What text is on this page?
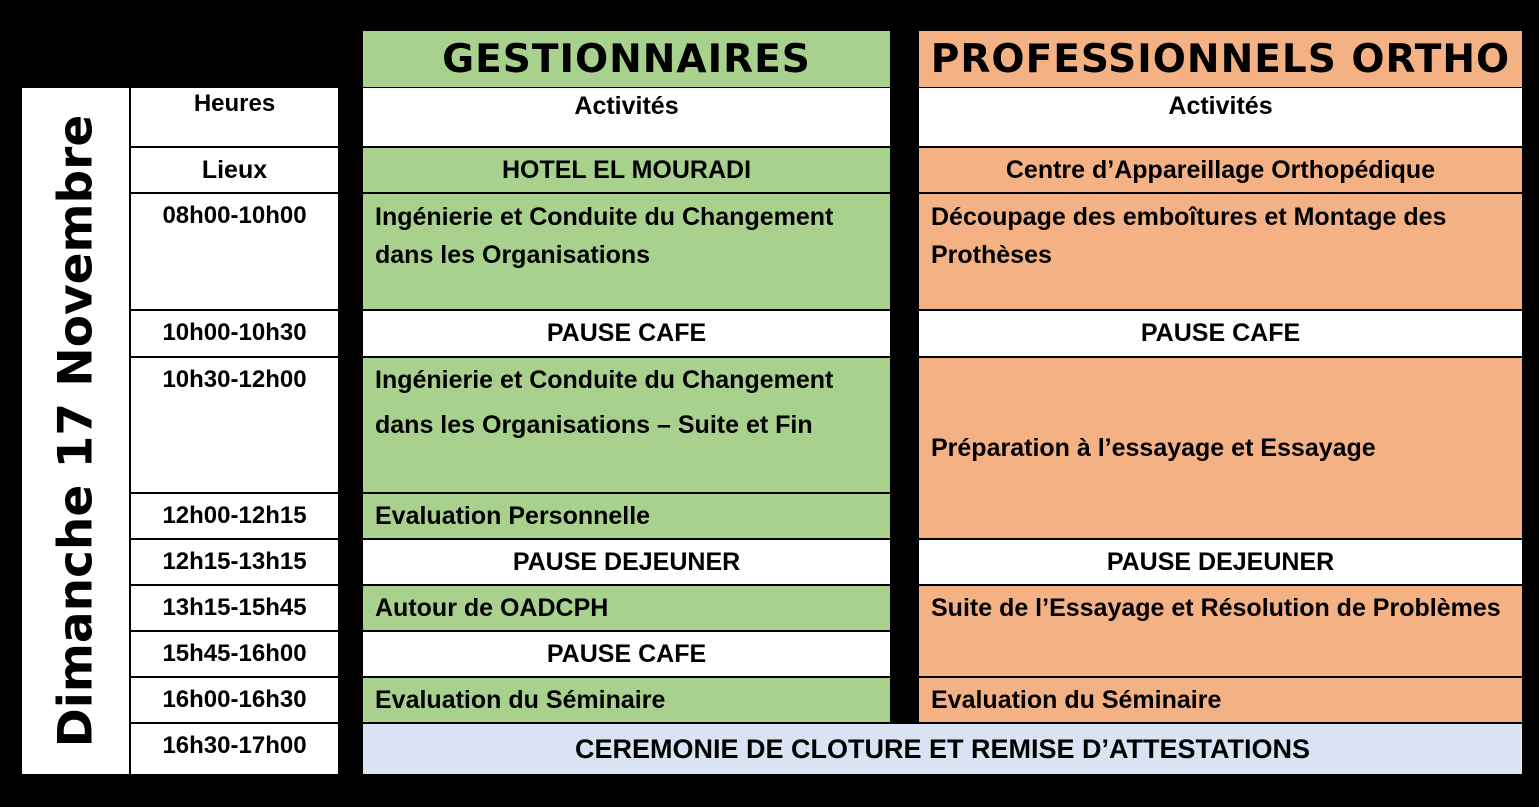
Dimanche 17 Novembre
GESTIONNAIRES	PROFESSIONNELS ORTHO
Heures
Lieux
08h00-10h00
10h00-10h30
10h30-12h00
12h00-12h15
12h15-13h15
13h15-15h45
15h45-16h00
16h00-16h30
16h30-17h00
Activités
HOTEL EL MOURADI
Ingénierie et Conduite du Changement dans les Organisations
PAUSE CAFE
Ingénierie et Conduite du Changement dans les Organisations – Suite et Fin
Evaluation Personnelle
PAUSE DEJEUNER
Autour de OADCPH
PAUSE CAFE
Evaluation du Séminaire
Activités
Centre d’Appareillage Orthopédique
Découpage des emboîtures et Montage des Prothèses
PAUSE CAFE
Préparation à l’essayage et Essayage
PAUSE DEJEUNER
Suite de l’Essayage et Résolution de Problèmes
Evaluation du Séminaire
CEREMONIE DE CLOTURE ET REMISE D’ATTESTATIONS
